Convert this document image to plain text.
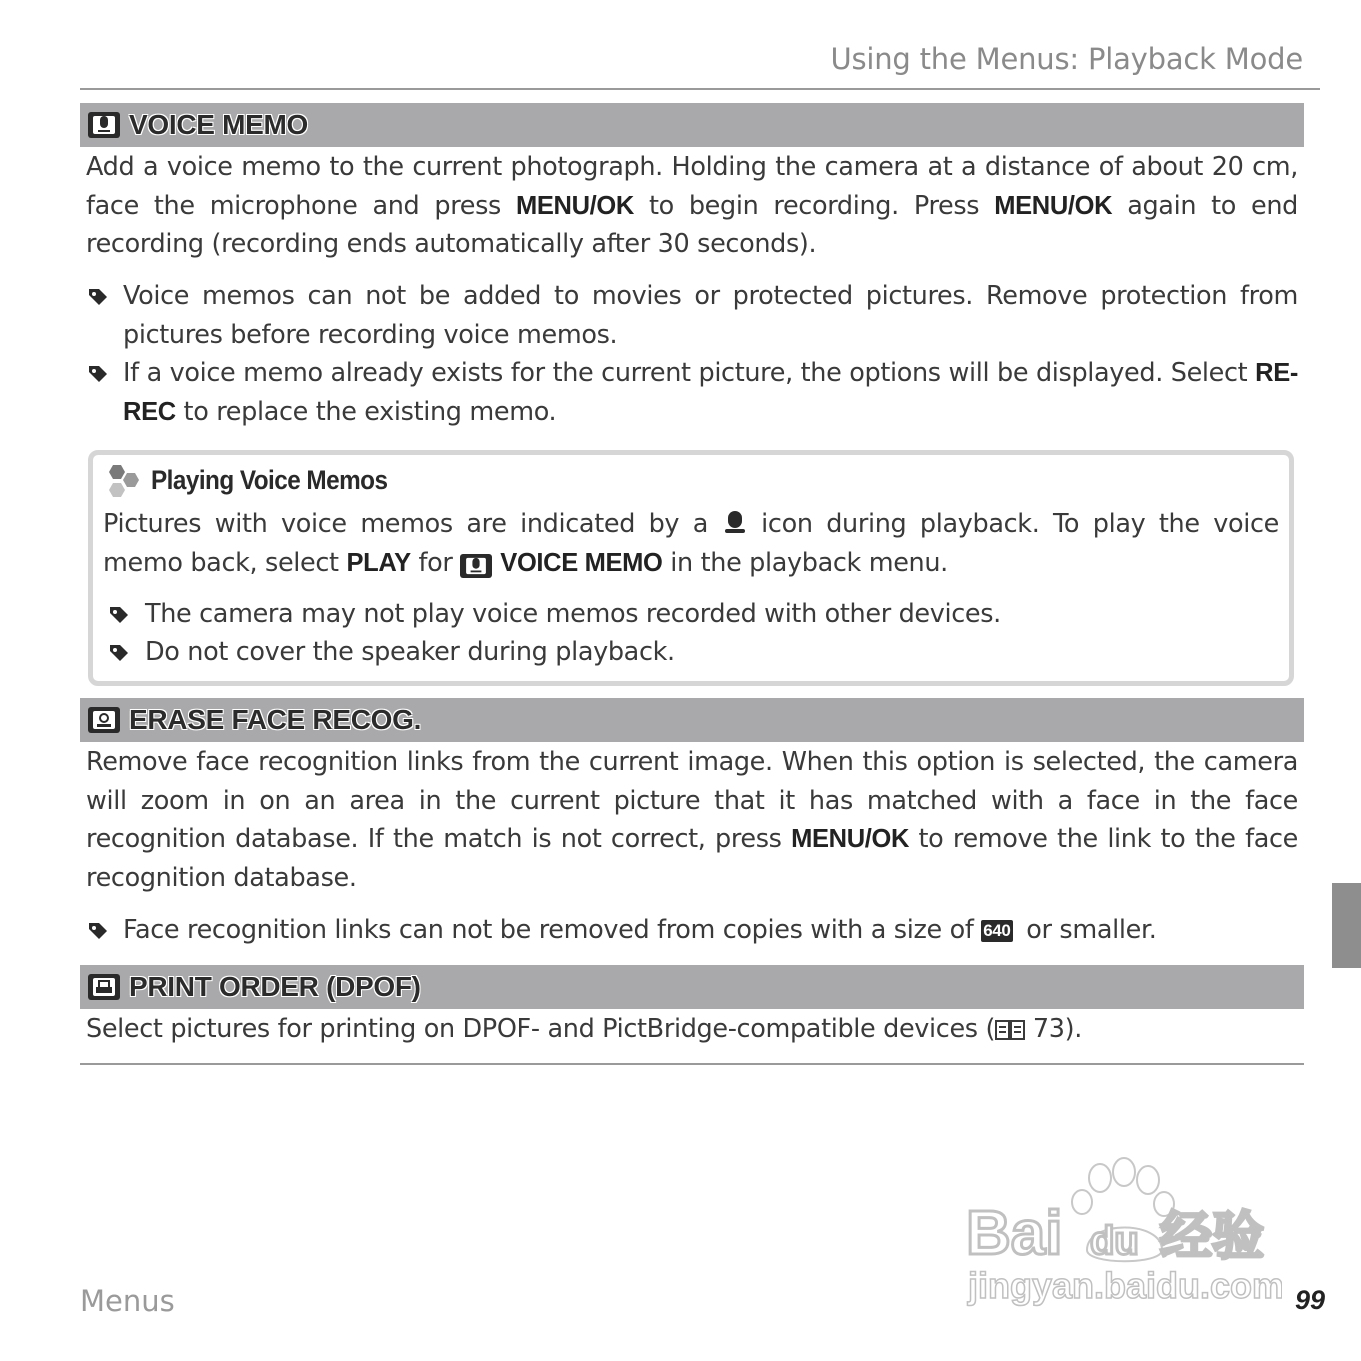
Using the Menus: Playback Mode
VOICE MEMO

Add a voice memo to the current photograph. Holding the camera at a distance of about 20 cm, face the microphone and press MENU/OK to begin recording. Press MENU/OK again to end recording (recording ends automatically after 30 seconds).

Voice memos can not be added to movies or protected pictures. Remove protection from pictures before recording voice memos.
If a voice memo already exists for the current picture, the options will be displayed. Select RE-REC to replace the existing memo.
Playing Voice Memos

Pictures with voice memos are indicated by a  icon during playback. To play the voice memo back, select PLAY for
VOICE MEMO in the playback menu.

The camera may not play voice memos recorded with other devices.
Do not cover the speaker during playback.
ERASE FACE RECOG.

Remove face recognition links from the current image. When this option is selected, the camera will zoom in on an area in the current picture that it has matched with a face in the face recognition database. If the match is not correct, press MENU/OK to remove the link to the face recognition database.

Face recognition links can not be removed from copies with a size of 640 or smaller.
PRINT ORDER (DPOF)

Select pictures for printing on DPOF- and PictBridge-compatible devices ( 73).

Bai du 经验
jingyan.baidu.com
Menus	99
